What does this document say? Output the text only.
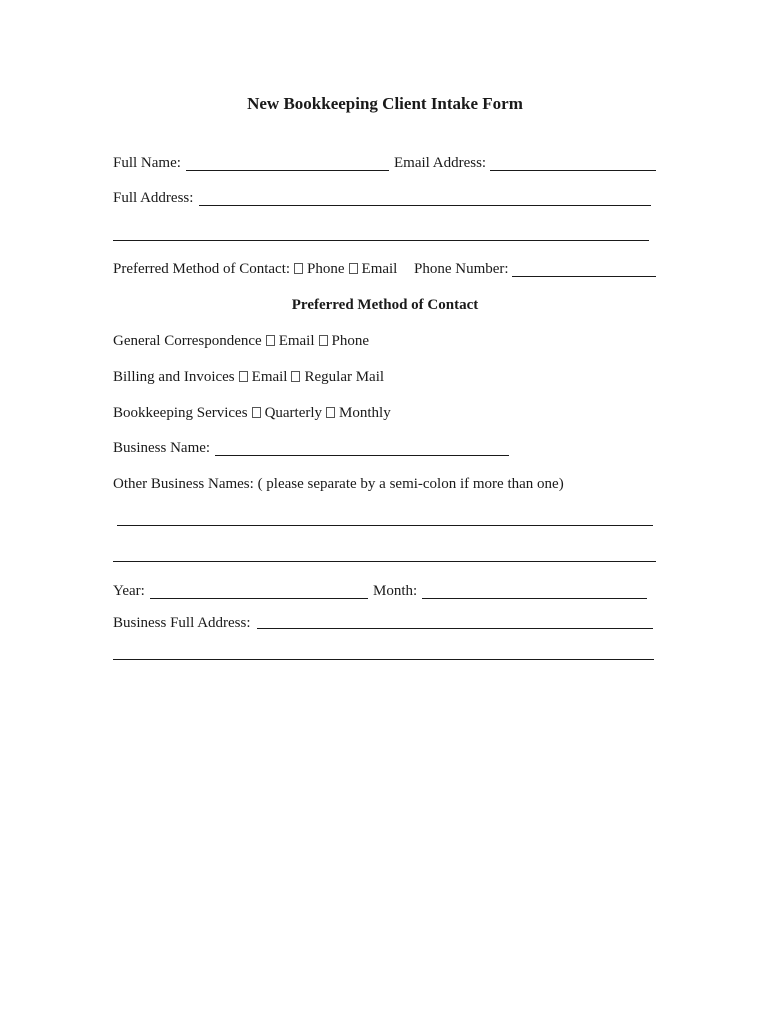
New Bookkeeping Client Intake Form
Full Name:	Email Address:
Full Address:
Preferred Method of Contact: Phone Email Phone Number:
Preferred Method of Contact
General Correspondence Email Phone
Billing and Invoices Email Regular Mail
Bookkeeping Services Quarterly Monthly
Business Name:
Other Business Names: ( please separate by a semi-colon if more than one)
Year:	Month:
Business Full Address:
